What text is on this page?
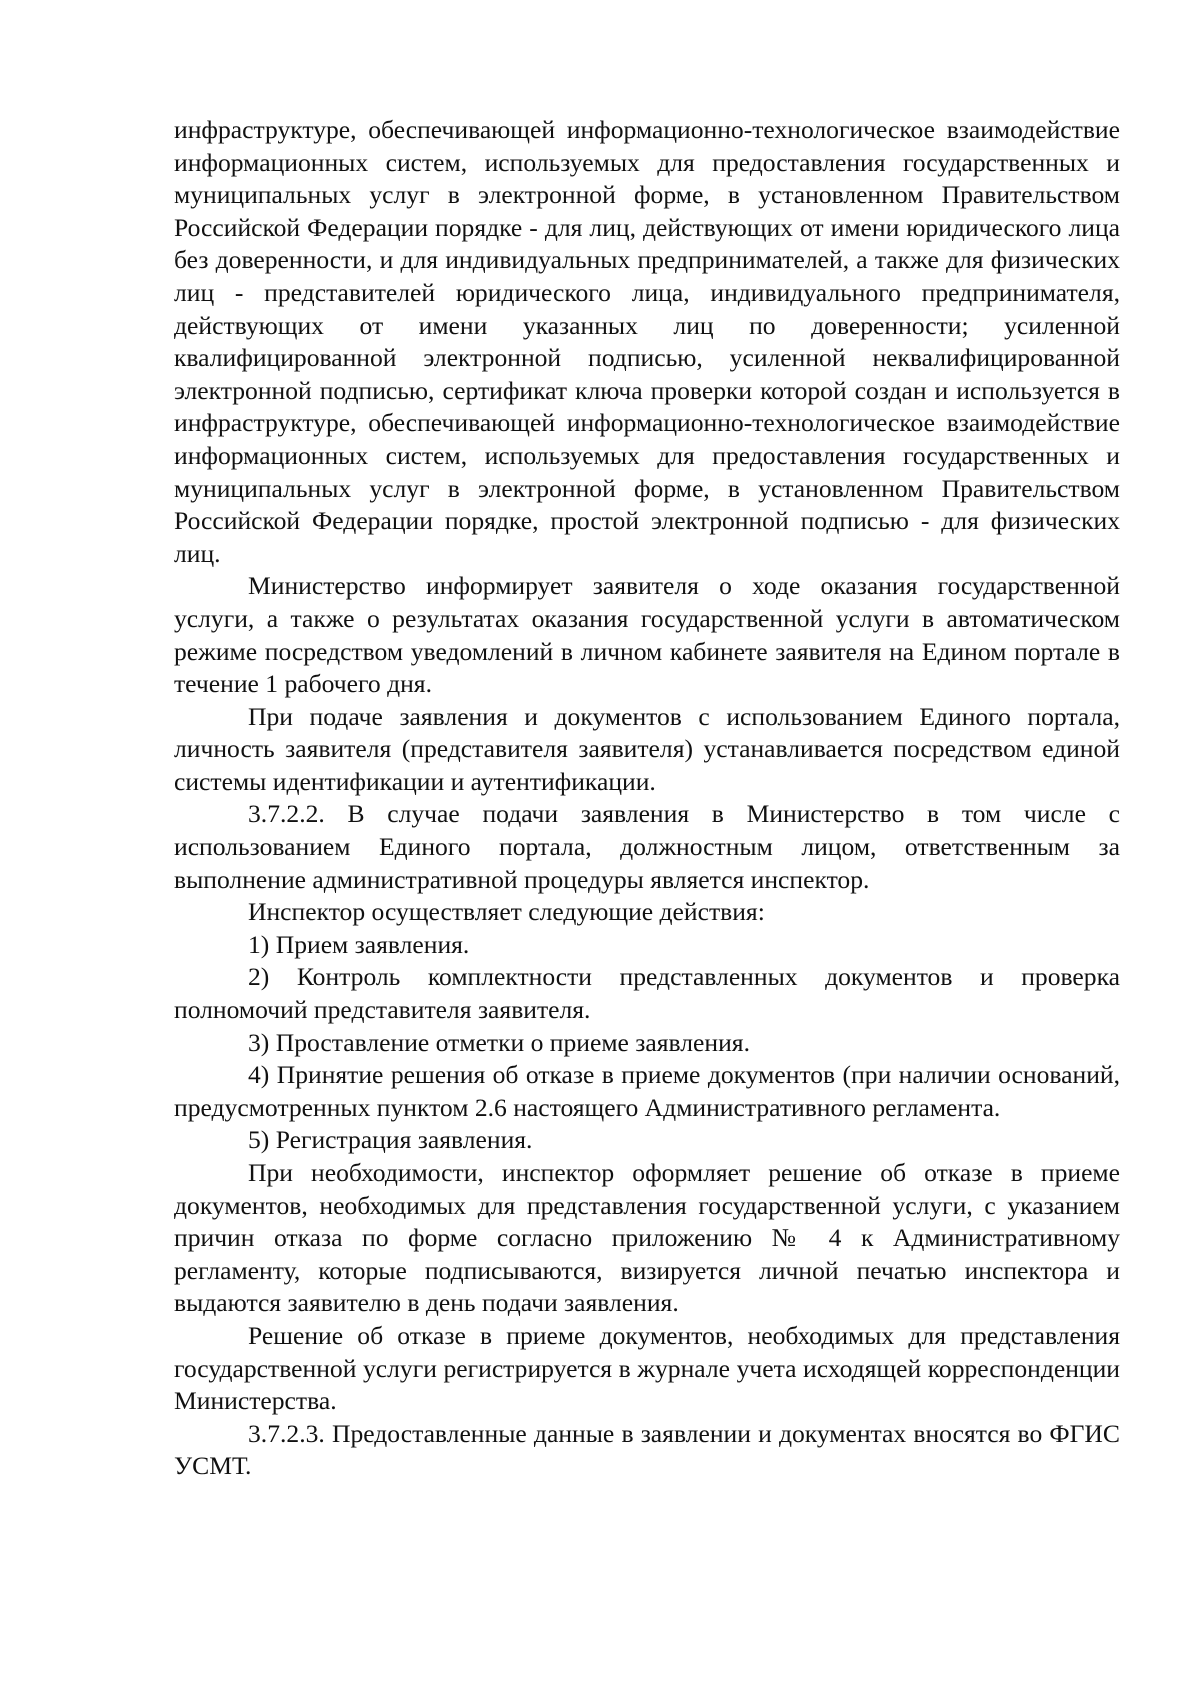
инфраструктуре, обеспечивающей информационно-технологическое взаимодействие информационных систем, используемых для предоставления государственных и муниципальных услуг в электронной форме, в установленном Правительством Российской Федерации порядке - для лиц, действующих от имени юридического лица без доверенности, и для индивидуальных предпринимателей, а также для физических лиц - представителей юридического лица, индивидуального предпринимателя, действующих от имени указанных лиц по доверенности; усиленной квалифицированной электронной подписью, усиленной неквалифицированной электронной подписью, сертификат ключа проверки которой создан и используется в инфраструктуре, обеспечивающей информационно-технологическое взаимодействие информационных систем, используемых для предоставления государственных и муниципальных услуг в электронной форме, в установленном Правительством Российской Федерации порядке, простой электронной подписью - для физических лиц.

Министерство информирует заявителя о ходе оказания государственной услуги, а также о результатах оказания государственной услуги в автоматическом режиме посредством уведомлений в личном кабинете заявителя на Едином портале в течение 1 рабочего дня.

При подаче заявления и документов с использованием Единого портала, личность заявителя (представителя заявителя) устанавливается посредством единой системы идентификации и аутентификации.

3.7.2.2. В случае подачи заявления в Министерство в том числе с использованием Единого портала, должностным лицом, ответственным за выполнение административной процедуры является инспектор.

Инспектор осуществляет следующие действия:

1) Прием заявления.

2) Контроль комплектности представленных документов и проверка полномочий представителя заявителя.

3) Проставление отметки о приеме заявления.

4) Принятие решения об отказе в приеме документов (при наличии оснований, предусмотренных пунктом 2.6 настоящего Административного регламента.

5) Регистрация заявления.

При необходимости, инспектор оформляет решение об отказе в приеме документов, необходимых для представления государственной услуги, с указанием причин отказа по форме согласно приложению № 4 к Административному регламенту, которые подписываются, визируется личной печатью инспектора и выдаются заявителю в день подачи заявления.

Решение об отказе в приеме документов, необходимых для представления государственной услуги регистрируется в журнале учета исходящей корреспонденции Министерства.

3.7.2.3. Предоставленные данные в заявлении и документах вносятся во ФГИС УСМТ.
